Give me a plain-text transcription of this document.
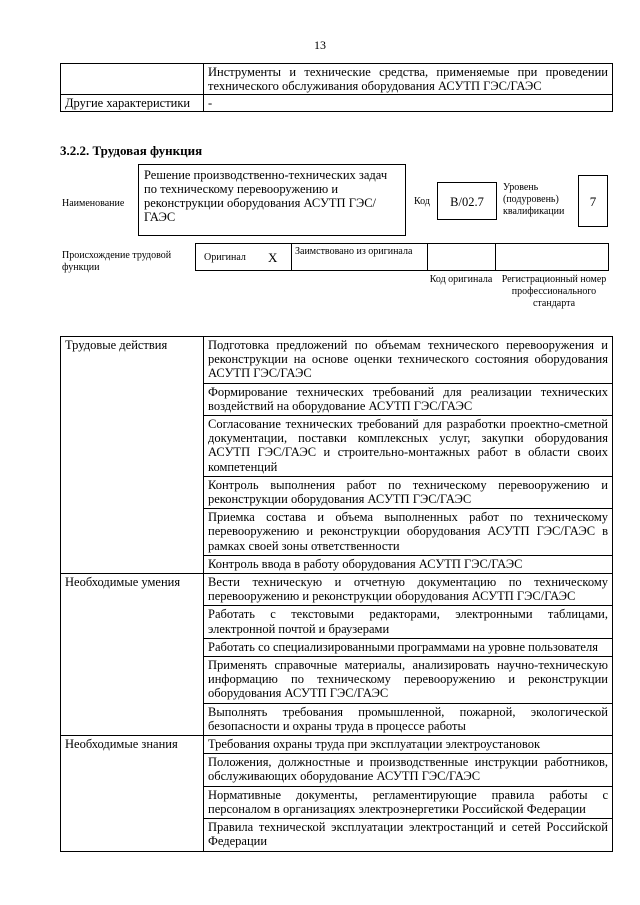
13
	Инструменты и технические средства, применяемые при проведении технического обслуживания оборудования АСУТП ГЭС/ГАЭС
Другие характеристики	-
3.2.2. Трудовая функция
Наименование
Решение производственно-технических задач по техническому перевооружению и реконструкции оборудования АСУТП ГЭС/ГАЭС
Код	B/02.7
Уровень (подуровень) квалификации
7
Происхождение трудовой функции
Оригинал X Заимствовано из оригинала
Код оригинала Регистрационный номер профессионального стандарта
Трудовые действия	Подготовка предложений по объемам технического перевооружения и реконструкции на основе оценки технического состояния оборудования АСУТП ГЭС/ГАЭС
	Формирование технических требований для реализации технических воздействий на оборудование АСУТП ГЭС/ГАЭС
	Согласование технических требований для разработки проектно-сметной документации, поставки комплексных услуг, закупки оборудования АСУТП ГЭС/ГАЭС и строительно-монтажных работ в области своих компетенций
	Контроль выполнения работ по техническому перевооружению и реконструкции оборудования АСУТП ГЭС/ГАЭС
	Приемка состава и объема выполненных работ по техническому перевооружению и реконструкции оборудования АСУТП ГЭС/ГАЭС в рамках своей зоны ответственности
	Контроль ввода в работу оборудования АСУТП ГЭС/ГАЭС
Необходимые умения	Вести техническую и отчетную документацию по техническому перевооружению и реконструкции оборудования АСУТП ГЭС/ГАЭС
	Работать с текстовыми редакторами, электронными таблицами, электронной почтой и браузерами
	Работать со специализированными программами на уровне пользователя
	Применять справочные материалы, анализировать научно-техническую информацию по техническому перевооружению и реконструкции оборудования АСУТП ГЭС/ГАЭС
	Выполнять требования промышленной, пожарной, экологической безопасности и охраны труда в процессе работы
Необходимые знания	Требования охраны труда при эксплуатации электроустановок
	Положения, должностные и производственные инструкции работников, обслуживающих оборудование АСУТП ГЭС/ГАЭС
	Нормативные документы, регламентирующие правила работы с персоналом в организациях электроэнергетики Российской Федерации
	Правила технической эксплуатации электростанций и сетей Российской Федерации
